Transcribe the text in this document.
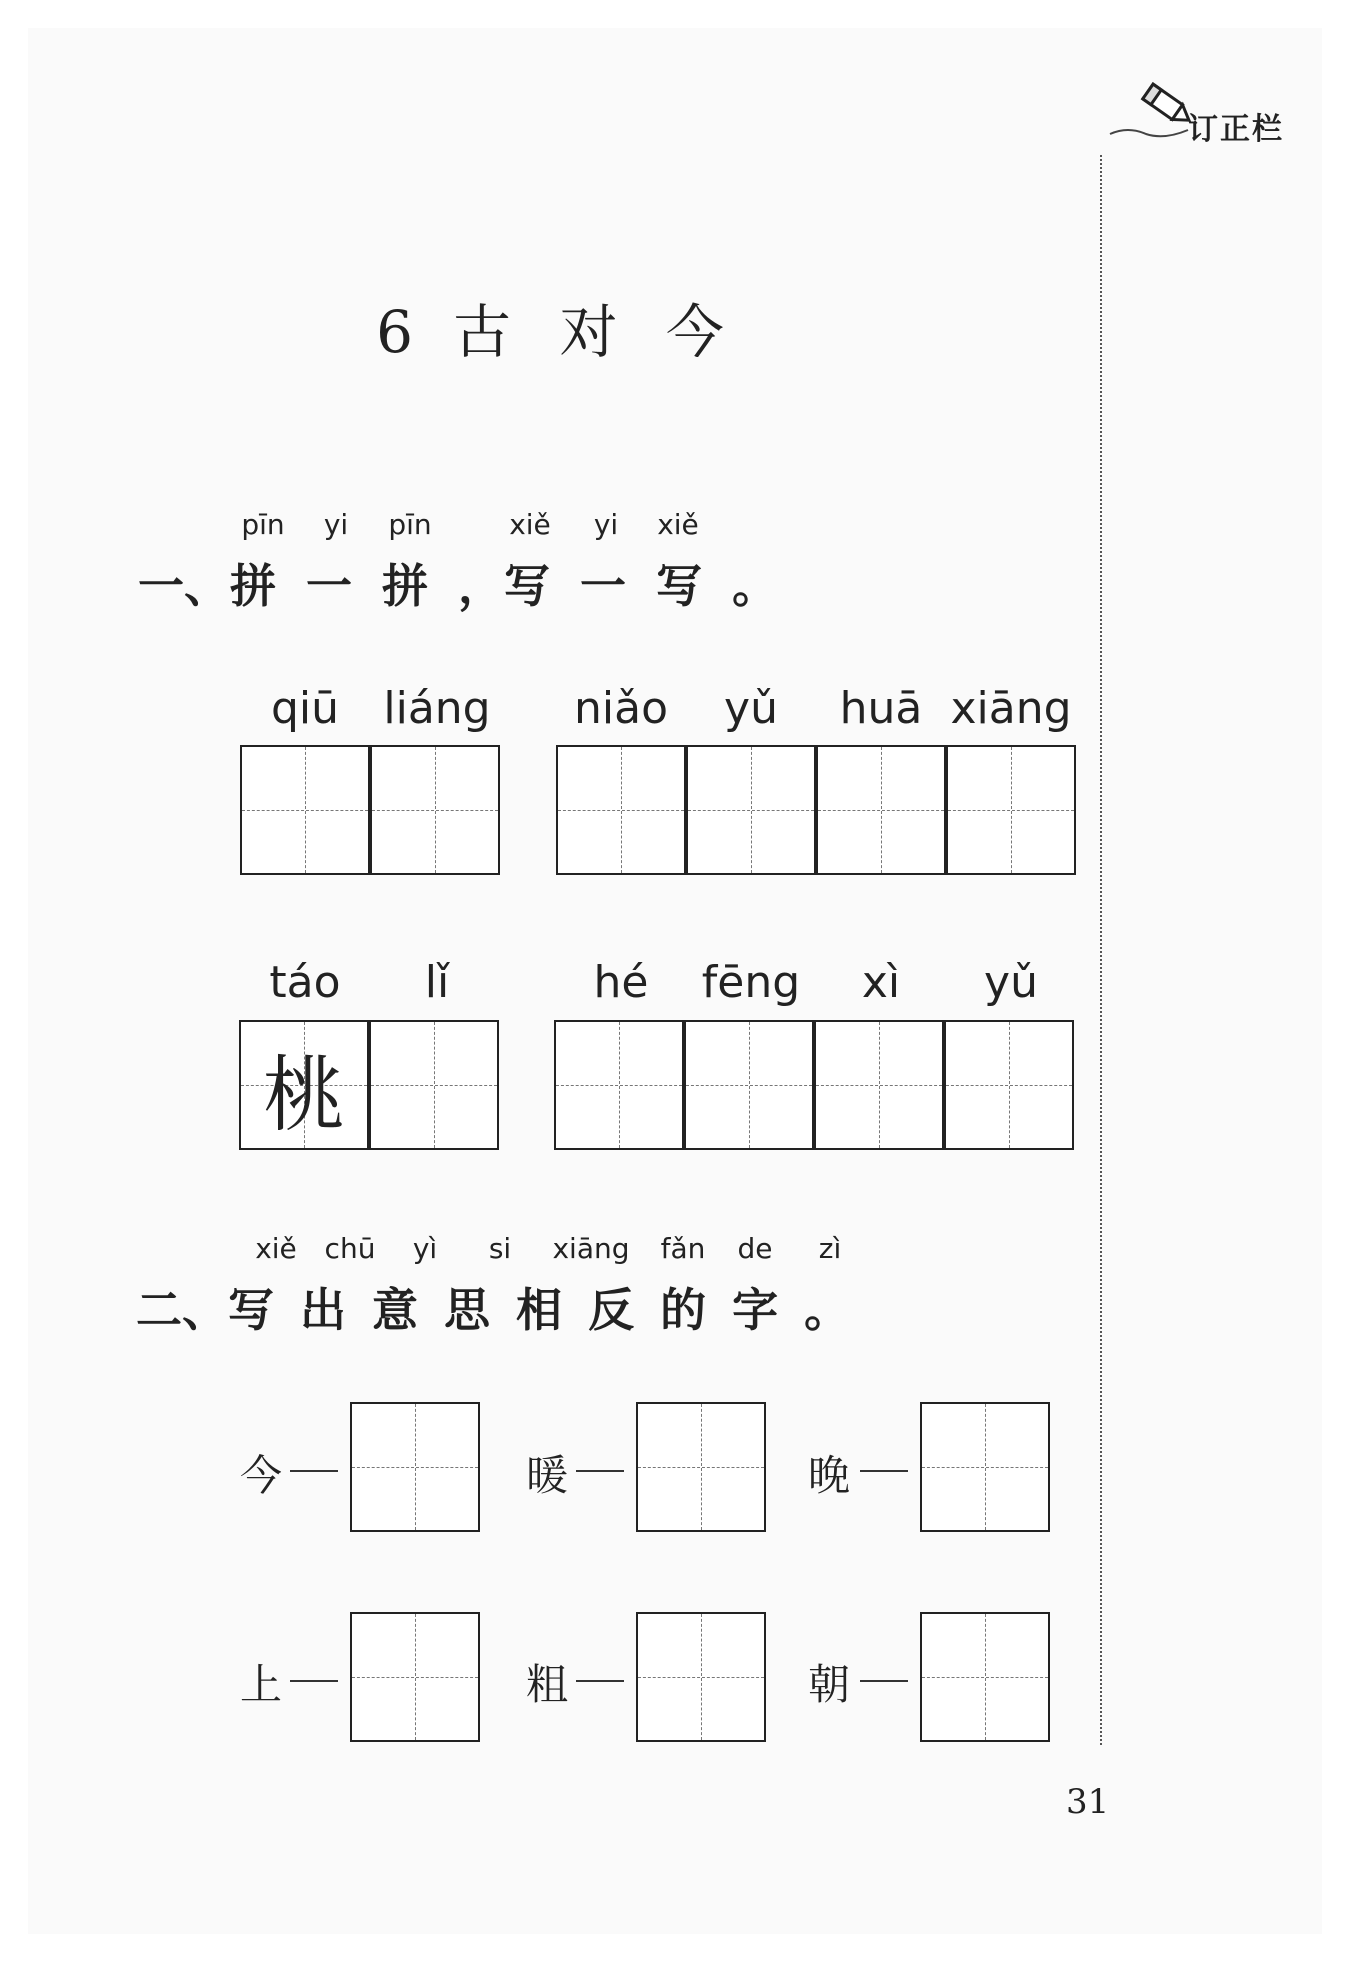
订正栏
6 古 对 今
pīn yi pīn	xiě yi xiě
一、拼 一 拼 ，写 一 写 。
qiū	liáng	niǎo	yǔ	huā xiāng
táo	lǐ	hé	fēng	xì	yǔ
桃
xiě chū yì	si	xiāng fǎn de zì
二、写 出 意 思 相 反 的 字 。
今	暖	晚
上	粗	朝
31
